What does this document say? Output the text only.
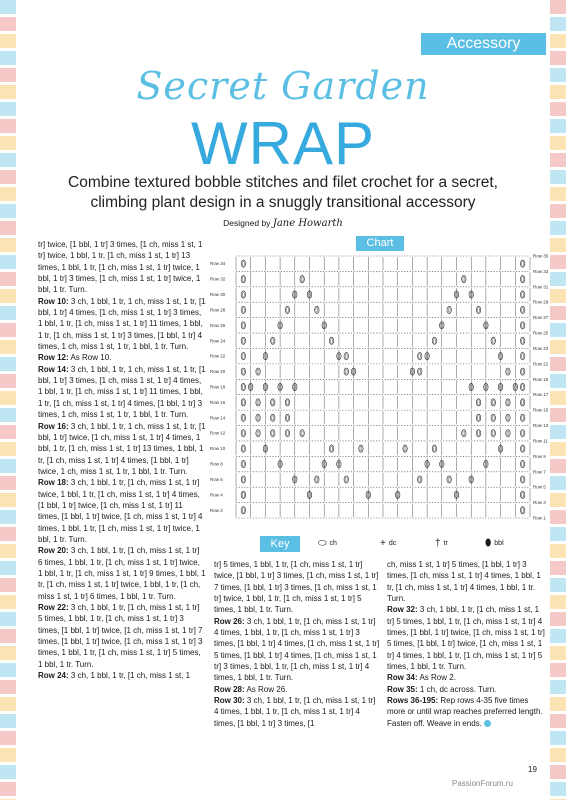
Accessory
Secret Garden
WRAP
Combine textured bobble stitches and filet crochet for a secret, climbing plant design in a snuggly transitional accessory
Designed by Jane Howarth

tr] twice, [1 bbl, 1 tr] 3 times, [1 ch, miss 1 st, 1 tr] twice, 1 bbl, 1 tr, [1 ch, miss 1 st, 1 tr] 13 times, 1 bbl, 1 tr, [1 ch, miss 1 st, 1 tr] twice, 1 bbl, 1 tr] 3 times, [1 ch, miss 1 st, 1 tr] twice, 1 bbl, 1 tr. Turn.

Row 10: 3 ch, 1 bbl, 1 tr, 1 ch, miss 1 st, 1 tr, [1 bbl, 1 tr] 4 times, [1 ch, miss 1 st, 1 tr] 3 times, 1 bbl, 1 tr, [1 ch, miss 1 st, 1 tr] 11 times, 1 bbl, 1 tr, [1 ch, miss 1 st, 1 tr] 3 times, [1 bbl, 1 tr] 4 times, 1 ch, miss 1 st, 1 tr, 1 bbl, 1 tr. Turn.

Row 12: As Row 10.

Row 14: 3 ch, 1 bbl, 1 tr, 1 ch, miss 1 st, 1 tr, [1 bbl, 1 tr] 3 times, [1 ch, miss 1 st, 1 tr] 4 times, 1 bbl, 1 tr, [1 ch, miss 1 st, 1 tr] 11 times, 1 bbl, 1 tr, [1 ch, miss 1 st, 1 tr] 4 times, [1 bbl, 1 tr] 3 times, 1 ch, miss 1 st, 1 tr, 1 bbl, 1 tr. Turn.

Row 16: 3 ch, 1 bbl, 1 tr, 1 ch, miss 1 st, 1 tr, [1 bbl, 1 tr] twice, [1 ch, miss 1 st, 1 tr] 4 times, 1 bbl, 1 tr, [1 ch, miss 1 st, 1 tr] 13 times, 1 bbl, 1 tr, [1 ch, miss 1 st, 1 tr] 4 times, [1 bbl, 1 tr] twice, 1 ch, miss 1 st, 1 tr, 1 bbl, 1 tr. Turn.

Row 18: 3 ch, 1 bbl, 1 tr, [1 ch, miss 1 st, 1 tr] twice, 1 bbl, 1 tr, [1 ch, miss 1 st, 1 tr] 4 times, [1 bbl, 1 tr] twice, [1 ch, miss 1 st, 1 tr] 11 times, [1 bbl, 1 tr] twice, [1 ch, miss 1 st, 1 tr] 4 times, 1 bbl, 1 tr, [1 ch, miss 1 st, 1 tr] twice, 1 bbl, 1 tr. Turn.

Row 20: 3 ch, 1 bbl, 1 tr, [1 ch, miss 1 st, 1 tr] 6 times, 1 bbl, 1 tr, [1 ch, miss 1 st, 1 tr] twice, 1 bbl, 1 tr, [1 ch, miss 1 st, 1 tr] 9 times, 1 bbl, 1 tr, [1 ch, miss 1 st, 1 tr] twice, 1 bbl, 1 tr, [1 ch, miss 1 st, 1 tr] 6 times, 1 bbl, 1 tr. Turn.

Row 22: 3 ch, 1 bbl, 1 tr, [1 ch, miss 1 st, 1 tr] 5 times, 1 bbl, 1 tr, [1 ch, miss 1 st, 1 tr] 3 times, [1 bbl, 1 tr] twice, [1 ch, miss 1 st, 1 tr] 7 times, [1 bbl, 1 tr] twice, [1 ch, miss 1 st, 1 tr] 3 times, 1 bbl, 1 tr, [1 ch, miss 1 st, 1 tr] 5 times, 1 bbl, 1 tr. Turn.

Row 24: 3 ch, 1 bbl, 1 tr, [1 ch, miss 1 st, 1

tr] 5 times, 1 bbl, 1 tr, [1 ch, miss 1 st, 1 tr] twice, [1 bbl, 1 tr] 3 times, [1 ch, miss 1 st, 1 tr] 7 times, [1 bbl, 1 tr] 3 times, [1 ch, miss 1 st, 1 tr] twice, 1 bbl, 1 tr, [1 ch, miss 1 st, 1 tr] 5 times, 1 bbl, 1 tr. Turn.

Row 26: 3 ch, 1 bbl, 1 tr, [1 ch, miss 1 st, 1 tr] 4 times, 1 bbl, 1 tr, [1 ch, miss 1 st, 1 tr] 3 times, [1 bbl, 1 tr] 4 times, [1 ch, miss 1 st, 1 tr] 5 times, [1 bbl, 1 tr] 4 times, [1 ch, miss 1 st, 1 tr] 3 times, 1 bbl, 1 tr, [1 ch, miss 1 st, 1 tr] 4 times, 1 bbl, 1 tr. Turn.

Row 28: As Row 26.

Row 30: 3 ch, 1 bbl, 1 tr, [1 ch, miss 1 st, 1 tr] 4 times, 1 bbl, 1 tr, [1 ch, miss 1 st, 1 tr] 4 times, [1 bbl, 1 tr] 3 times, [1

ch, miss 1 st, 1 tr] 5 times, [1 bbl, 1 tr] 3 times, [1 ch, miss 1 st, 1 tr] 4 times, 1 bbl, 1 tr, [1 ch, miss 1 st, 1 tr] 4 times, 1 bbl, 1 tr. Turn.

Row 32: 3 ch, 1 bbl, 1 tr, [1 ch, miss 1 st, 1 tr] 5 times, 1 bbl, 1 tr, [1 ch, miss 1 st, 1 tr] 4 times, [1 bbl, 1 tr] twice, [1 ch, miss 1 st, 1 tr] 5 times, [1 bbl, 1 tr] twice, [1 ch, miss 1 st, 1 tr] 4 times, 1 bbl, 1 tr, [1 ch, miss 1 st, 1 tr] 5 times, 1 bbl, 1 tr. Turn.

Row 34: As Row 2.

Row 35: 1 ch, dc across. Turn.

Rows 36-195: Rep rows 4-35 five times more or until wrap reaches preferred length. Fasten off. Weave in ends.

Chart
Row 34
Row 32
Row 30
Row 28
Row 26
Row 24
Row 22
Row 20
Row 18
Row 16
Row 14
Row 12
Row 10
Row 8
Row 6
Row 4
Row 2
Row 35
Row 33
Row 31
Row 29
Row 27
Row 25
Row 23
Row 21
Row 19
Row 17
Row 15
Row 13
Row 11
Row 9
Row 7
Row 5
Row 3
Row 1
Key	⬭ ch	+ dc	† tr	⬮ bbl
19
PassionForum.ru
